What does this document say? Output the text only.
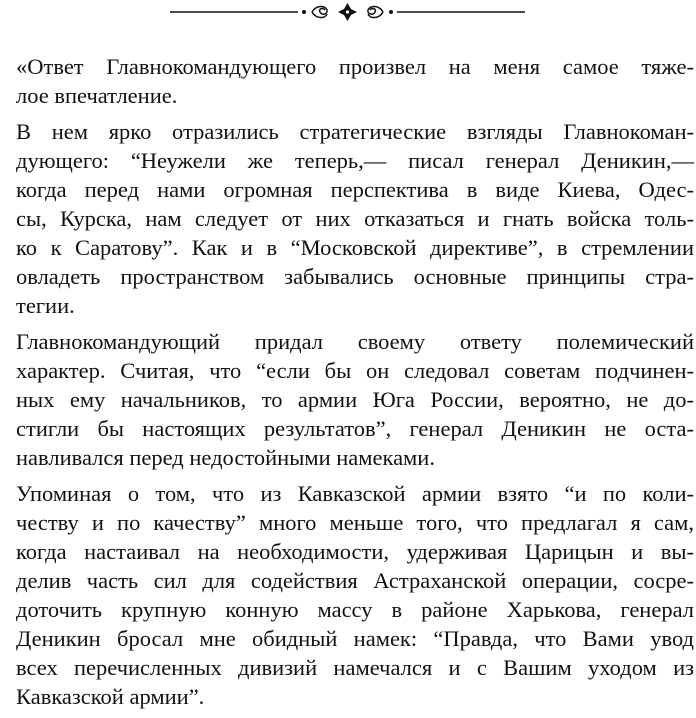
«Ответ Главнокомандующего произвел на меня самое тяже-
лое впечатление.
В нем ярко отразились стратегические взгляды Главнокоман-
дующего: “Неужели же теперь,— писал генерал Деникин,—
когда перед нами огромная перспектива в виде Киева, Одес-
сы, Курска, нам следует от них отказаться и гнать войска толь-
ко к Саратову”. Как и в “Московской директиве”, в стремлении
овладеть пространством забывались основные принципы стра-
тегии.
Главнокомандующий придал своему ответу полемический
характер. Считая, что “если бы он следовал советам подчинен-
ных ему начальников, то армии Юга России, вероятно, не до-
стигли бы настоящих результатов”, генерал Деникин не оста-
навливался перед недостойными намеками.
Упоминая о том, что из Кавказской армии взято “и по коли-
честву и по качеству” много меньше того, что предлагал я сам,
когда настаивал на необходимости, удерживая Царицын и вы-
делив часть сил для содействия Астраханской операции, сосре-
доточить крупную конную массу в районе Харькова, генерал
Деникин бросал мне обидный намек: “Правда, что Вами увод
всех перечисленных дивизий намечался и с Вашим уходом из
Кавказской армии”.
